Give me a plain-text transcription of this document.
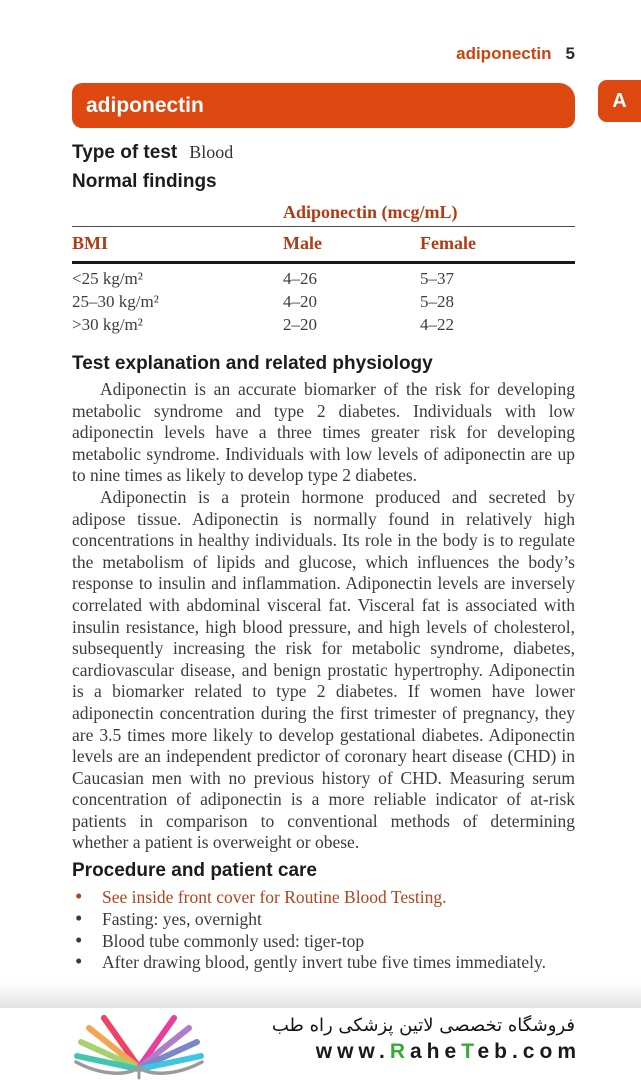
adiponectin 5
A
adiponectin
Type of test Blood
Normal findings
Adiponectin (mcg/mL)
BMI	Male	Female
<25 kg/m²	4–26	5–37
25–30 kg/m²	4–20	5–28
>30 kg/m²	2–20	4–22
Test explanation and related physiology

Adiponectin is an accurate biomarker of the risk for developing metabolic syndrome and type 2 diabetes. Individuals with low adiponectin levels have a three times greater risk for developing metabolic syndrome. Individuals with low levels of adiponectin are up to nine times as likely to develop type 2 diabetes.

Adiponectin is a protein hormone produced and secreted by adipose tissue. Adiponectin is normally found in relatively high concentrations in healthy individuals. Its role in the body is to regulate the metabolism of lipids and glucose, which influences the body’s response to insulin and inflammation. Adiponectin levels are inversely correlated with abdominal visceral fat. Visceral fat is associated with insulin resistance, high blood pressure, and high levels of cholesterol, subsequently increasing the risk for metabolic syndrome, diabetes, cardiovascular disease, and benign prostatic hypertrophy. Adiponectin is a biomarker related to type 2 diabetes. If women have lower adiponectin concentration during the first trimester of pregnancy, they are 3.5 times more likely to develop gestational diabetes. Adiponectin levels are an independent predictor of coronary heart disease (CHD) in Caucasian men with no previous history of CHD. Measuring serum concentration of adiponectin is a more reliable indicator of at-risk patients in comparison to conventional methods of determining whether a patient is overweight or obese.

Procedure and patient care
• See inside front cover for Routine Blood Testing.
• Fasting: yes, overnight
• Blood tube commonly used: tiger-top
• After drawing blood, gently invert tube five times immediately.
فروشگاه تخصصی لاتین پزشکی راه طب
www.RaheTeb.com
